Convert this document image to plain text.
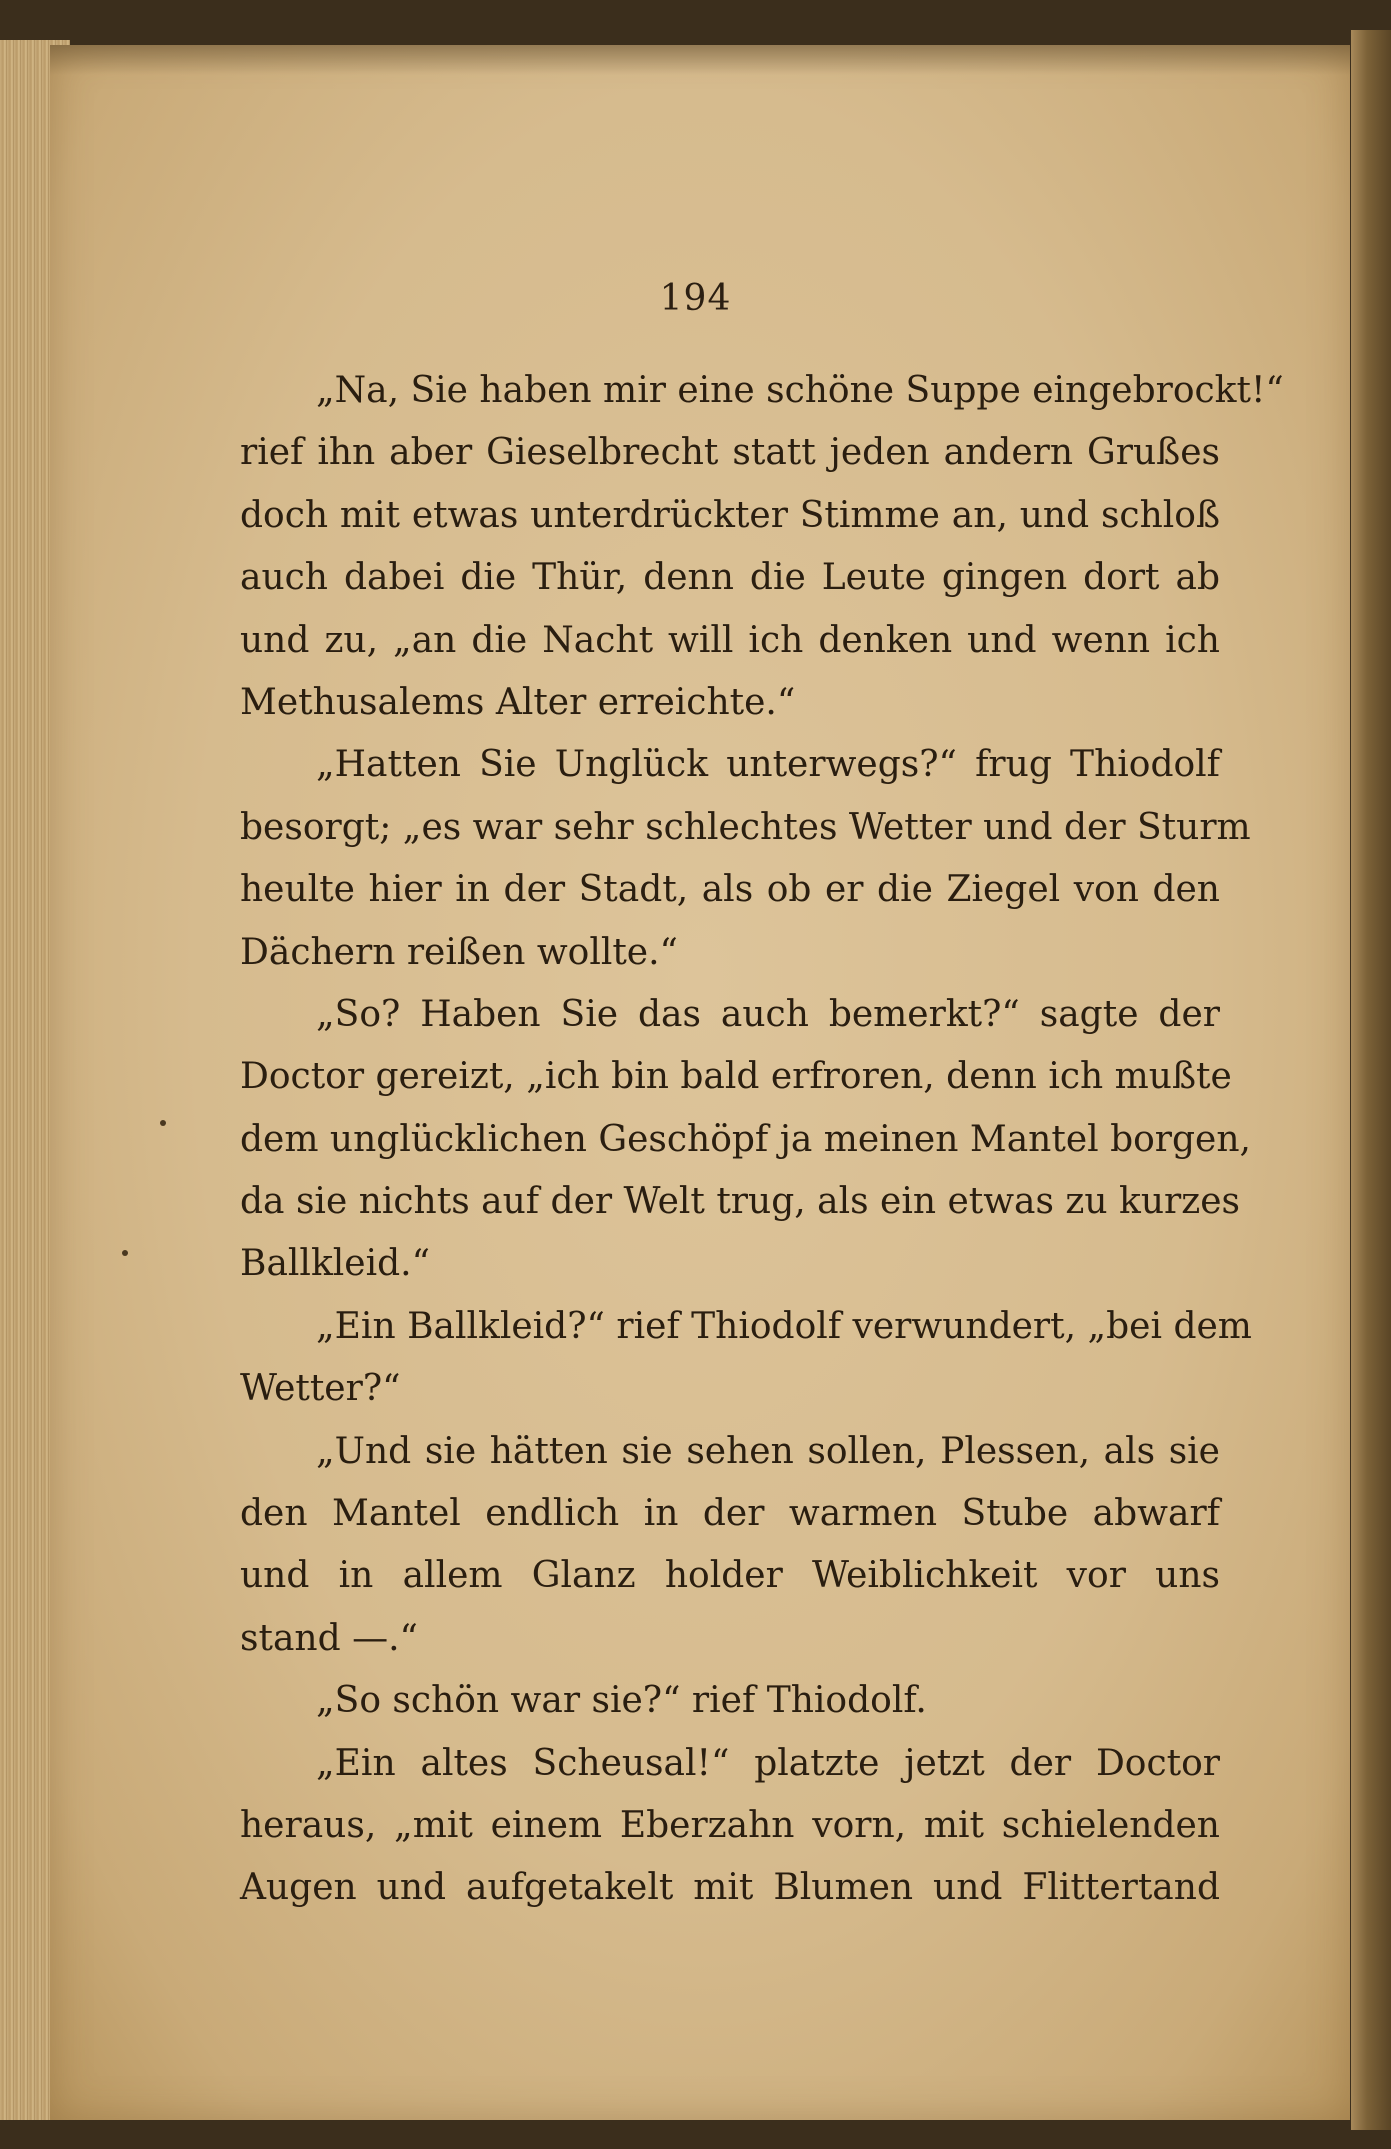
194
„Na, Sie haben mir eine schöne Suppe eingebrockt!“
rief ihn aber Gieselbrecht statt jeden andern Grußes
doch mit etwas unterdrückter Stimme an, und schloß
auch dabei die Thür, denn die Leute gingen dort ab
und zu, „an die Nacht will ich denken und wenn ich
Methusalems Alter erreichte.“
„Hatten Sie Unglück unterwegs?“ frug Thiodolf
besorgt; „es war sehr schlechtes Wetter und der Sturm
heulte hier in der Stadt, als ob er die Ziegel von den
Dächern reißen wollte.“
„So? Haben Sie das auch bemerkt?“ sagte der
Doctor gereizt, „ich bin bald erfroren, denn ich mußte
dem unglücklichen Geschöpf ja meinen Mantel borgen,
da sie nichts auf der Welt trug, als ein etwas zu kurzes
Ballkleid.“
„Ein Ballkleid?“ rief Thiodolf verwundert, „bei dem
Wetter?“
„Und sie hätten sie sehen sollen, Plessen, als sie
den Mantel endlich in der warmen Stube abwarf
und in allem Glanz holder Weiblichkeit vor uns
stand —.“
„So schön war sie?“ rief Thiodolf.
„Ein altes Scheusal!“ platzte jetzt der Doctor
heraus, „mit einem Eberzahn vorn, mit schielenden
Augen und aufgetakelt mit Blumen und Flittertand
